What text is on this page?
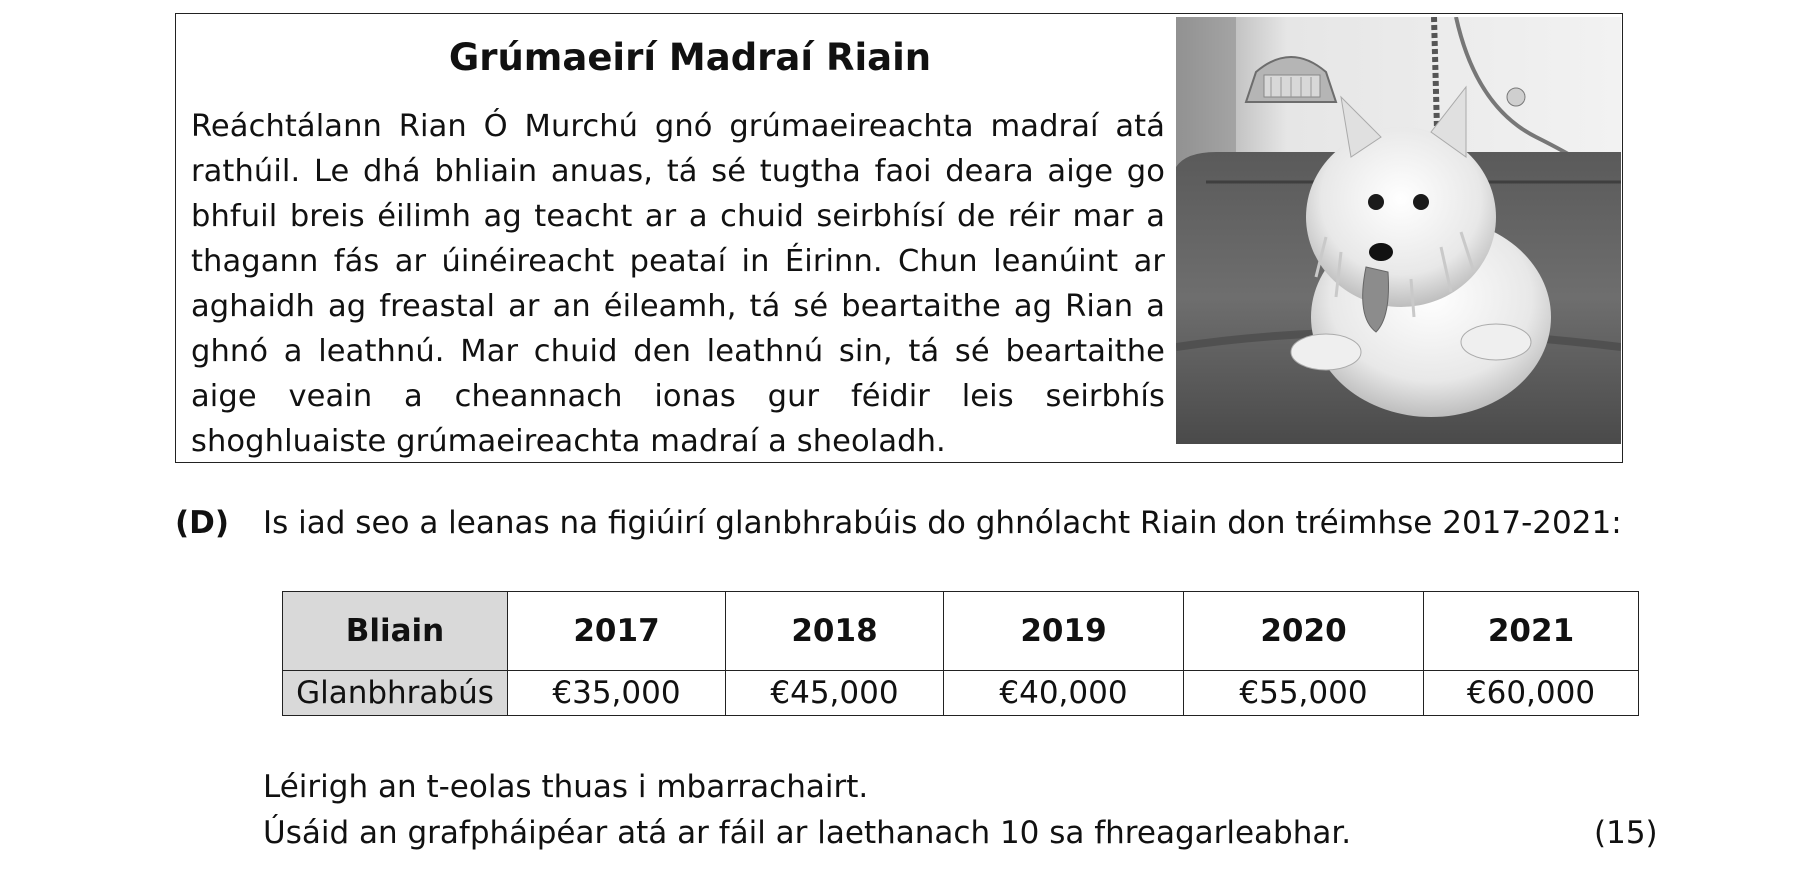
Grúmaeirí Madraí Riain
Reáchtálann Rian Ó Murchú gnó grúmaeireachta madraí atá rathúil. Le dhá bhliain anuas, tá sé tugtha faoi deara aige go bhfuil breis éilimh ag teacht ar a chuid seirbhísí de réir mar a thagann fás ar úinéireacht peataí in Éirinn. Chun leanúint ar aghaidh ag freastal ar an éileamh, tá sé beartaithe ag Rian a ghnó a leathnú. Mar chuid den leathnú sin, tá sé beartaithe aige veain a cheannach ionas gur féidir leis seirbhís shoghluaiste grúmaeireachta madraí a sheoladh.
(D) Is iad seo a leanas na figiúirí glanbhrabúis do ghnólacht Riain don tréimhse 2017-2021:
Bliain	2017	2018	2019	2020	2021
Glanbhrabús	€35,000	€45,000	€40,000	€55,000	€60,000
Léirigh an t-eolas thuas i mbarrachairt.
Úsáid an grafpháipéar atá ar fáil ar laethanach 10 sa fhreagarleabhar.	(15)
